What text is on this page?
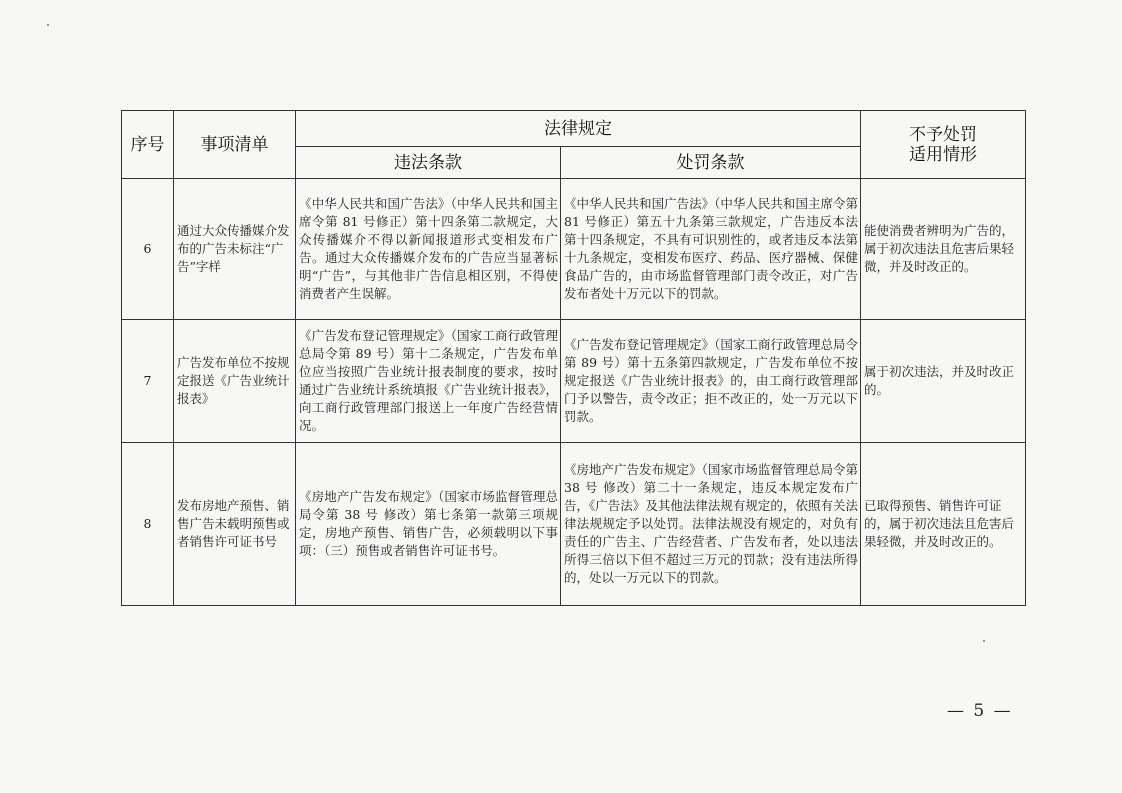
序号	事项清单	法律规定		不予处罚
适用情形

		违法条款	处罚条款	
6	通过大众传播媒介发布的广告未标注“广告”字样	《中华人民共和国广告法》（中华人民共和国主席令第 81 号修正）第十四条第二款规定，大众传播媒介不得以新闻报道形式变相发布广告。通过大众传播媒介发布的广告应当显著标明“广告”，与其他非广告信息相区别，不得使消费者产生误解。	《中华人民共和国广告法》（中华人民共和国主席令第 81 号修正）第五十九条第三款规定，广告违反本法第十四条规定，不具有可识别性的，或者违反本法第十九条规定，变相发布医疗、药品、医疗器械、保健食品广告的，由市场监督管理部门责令改正，对广告发布者处十万元以下的罚款。	能使消费者辨明为广告的，属于初次违法且危害后果轻微，并及时改正的。
7	广告发布单位不按规定报送《广告业统计报表》	《广告发布登记管理规定》（国家工商行政管理总局令第 89 号）第十二条规定，广告发布单位应当按照广告业统计报表制度的要求，按时通过广告业统计系统填报《广告业统计报表》，向工商行政管理部门报送上一年度广告经营情况。	《广告发布登记管理规定》（国家工商行政管理总局令第 89 号）第十五条第四款规定，广告发布单位不按规定报送《广告业统计报表》的，由工商行政管理部门予以警告，责令改正；拒不改正的，处一万元以下罚款。	属于初次违法，并及时改正的。
8	发布房地产预售、销售广告未载明预售或者销售许可证书号	《房地产广告发布规定》（国家市场监督管理总局令第 38 号 修改）第七条第一款第三项规定，房地产预售、销售广告，必须载明以下事项：（三）预售或者销售许可证书号。	《房地产广告发布规定》（国家市场监督管理总局令第 38 号 修改）第二十一条规定，违反本规定发布广告，《广告法》及其他法律法规有规定的，依照有关法律法规规定予以处罚。法律法规没有规定的，对负有责任的广告主、广告经营者、广告发布者，处以违法所得三倍以下但不超过三万元的罚款；没有违法所得的，处以一万元以下的罚款。	已取得预售、销售许可证的，属于初次违法且危害后果轻微，并及时改正的。
— 5 —
